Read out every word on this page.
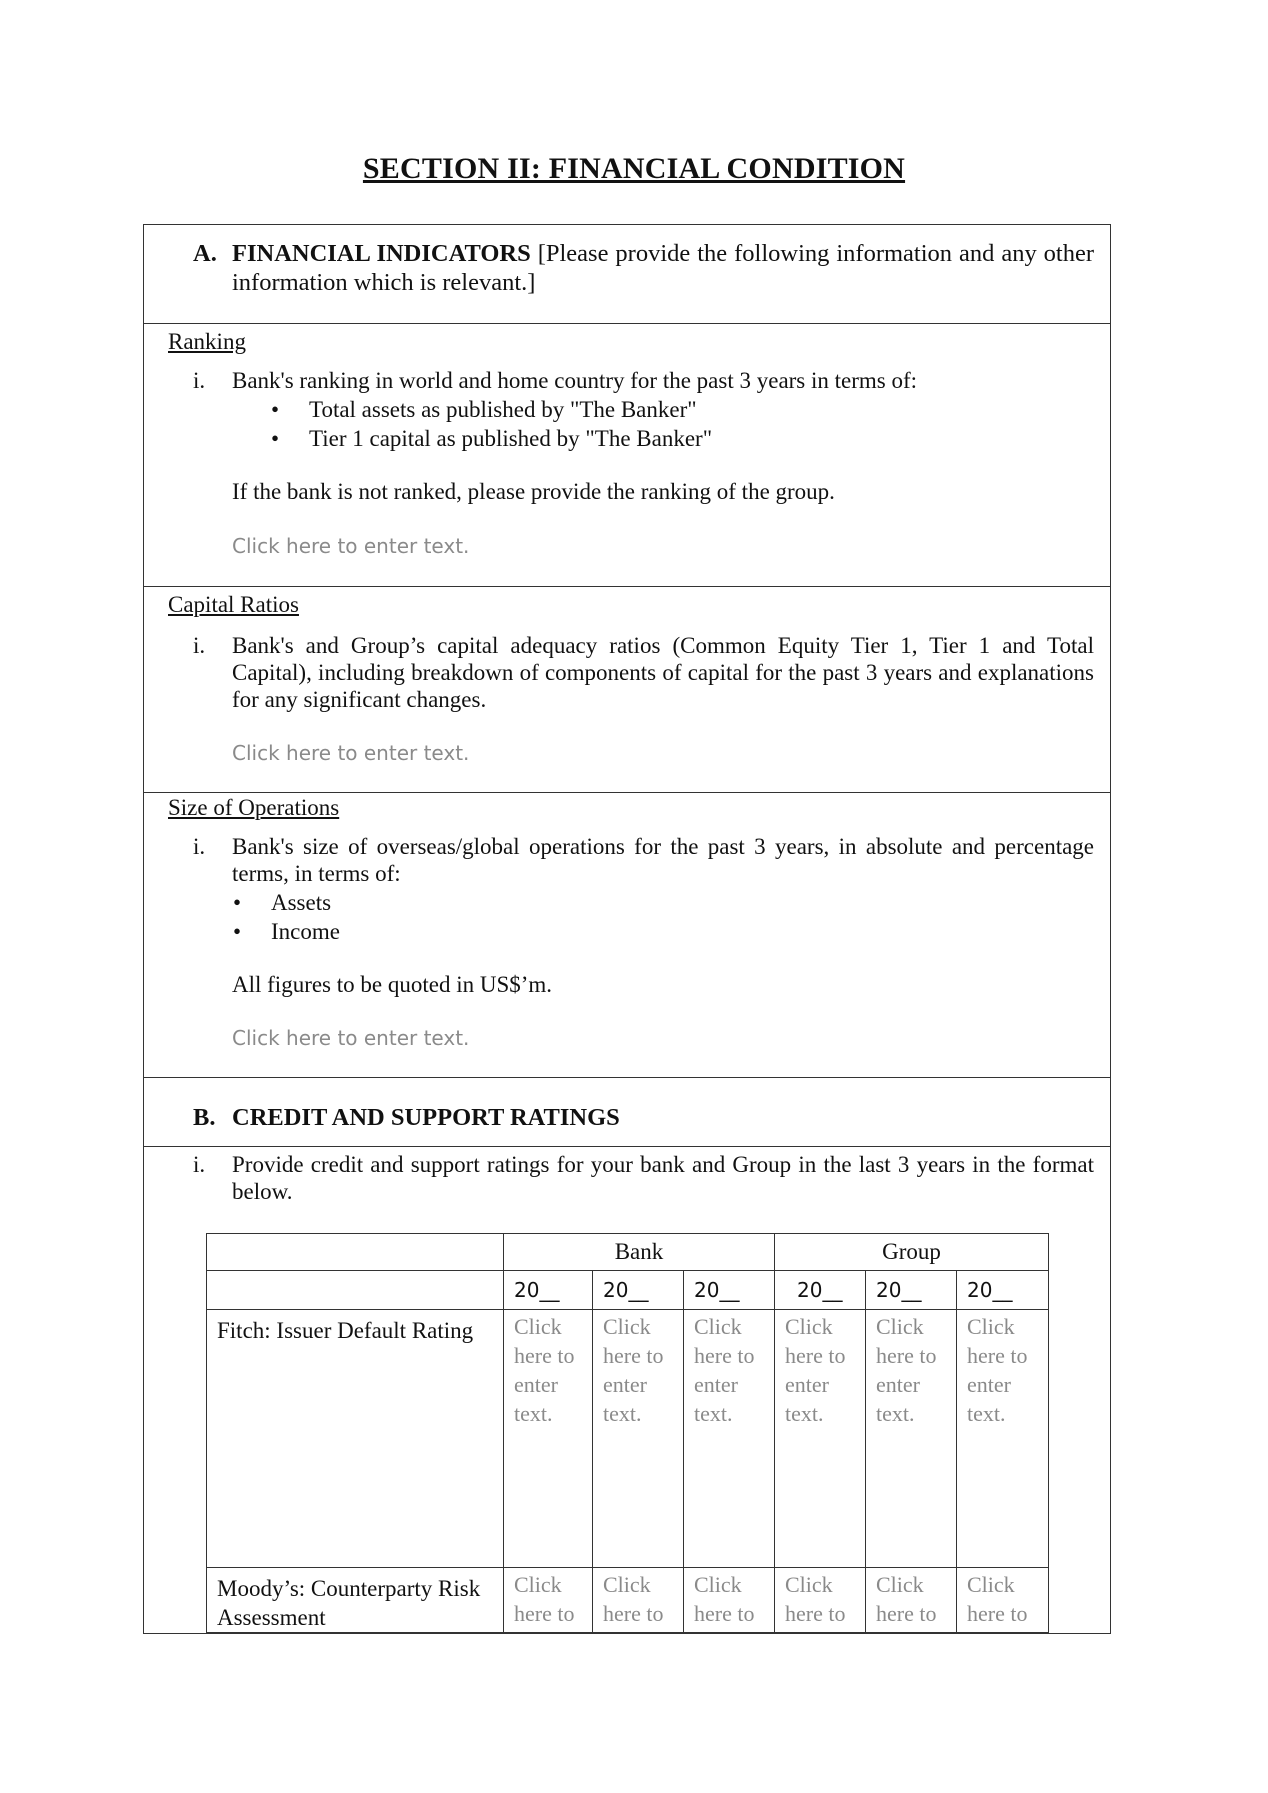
SECTION II: FINANCIAL CONDITION
A. FINANCIAL INDICATORS [Please provide the following information and any other information which is relevant.]
Ranking
i. Bank's ranking in world and home country for the past 3 years in terms of:
• Total assets as published by "The Banker"
• Tier 1 capital as published by "The Banker"
If the bank is not ranked, please provide the ranking of the group.
Click here to enter text.
Capital Ratios
i. Bank's and Group’s capital adequacy ratios (Common Equity Tier 1, Tier 1 and Total Capital), including breakdown of components of capital for the past 3 years and explanations for any significant changes.
Click here to enter text.
Size of Operations
i. Bank's size of overseas/global operations for the past 3 years, in absolute and percentage terms, in terms of:
• Assets
• Income
All figures to be quoted in US$’m.
Click here to enter text.
B. CREDIT AND SUPPORT RATINGS
i. Provide credit and support ratings for your bank and Group in the last 3 years in the format below.
	Bank			Group		
	20__	20__	20__	20__	20__	20__
Fitch: Issuer Default Rating	Click
here to
enter
text.	Click
here to
enter
text.	Click
here to
enter
text.	Click
here to
enter
text.	Click
here to
enter
text.	Click
here to
enter
text.

Moody’s: Counterparty Risk Assessment	Click
here to	Click
here to	Click
here to	Click
here to	Click
here to	Click
here to
